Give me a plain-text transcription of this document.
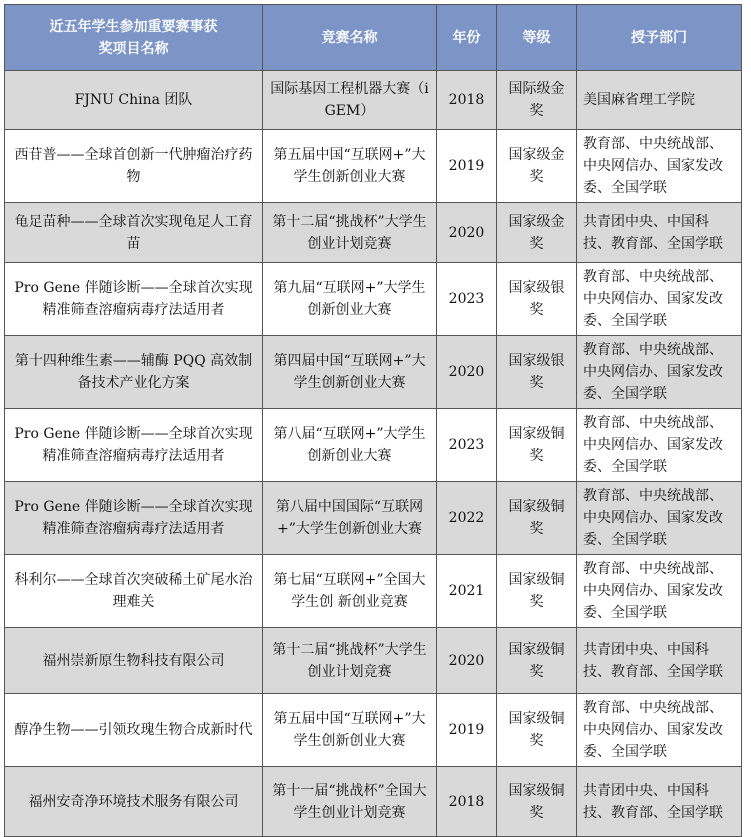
近五年学生参加重要赛事获奖项目名称	竞赛名称	年份	等级	授予部门
FJNU China 团队	国际基因工程机器大赛（i GEM）	2018	国际级金奖	美国麻省理工学院
西苷普——全球首创新一代肿瘤治疗药物	第五届中国“互联网+”大学生创新创业大赛	2019	国家级金奖	教育部、中央统战部、中央网信办、国家发改委、全国学联
龟足苗种——全球首次实现龟足人工育苗	第十二届“挑战杯”大学生创业计划竞赛	2020	国家级金奖	共青团中央、中国科技、教育部、全国学联
Pro Gene 伴随诊断——全球首次实现精准筛查溶瘤病毒疗法适用者	第九届“互联网+”大学生创新创业大赛	2023	国家级银奖	教育部、中央统战部、中央网信办、国家发改委、全国学联
第十四种维生素——辅酶 PQQ 高效制备技术产业化方案	第四届中国“互联网+”大学生创新创业大赛	2020	国家级银奖	教育部、中央统战部、中央网信办、国家发改委、全国学联
Pro Gene 伴随诊断——全球首次实现精准筛查溶瘤病毒疗法适用者	第八届“互联网+”大学生创新创业大赛	2023	国家级铜奖	教育部、中央统战部、中央网信办、国家发改委、全国学联
Pro Gene 伴随诊断——全球首次实现精准筛查溶瘤病毒疗法适用者	第八届中国国际“互联网+”大学生创新创业大赛	2022	国家级铜奖	教育部、中央统战部、中央网信办、国家发改委、全国学联
科利尔——全球首次突破稀土矿尾水治理难关	第七届“互联网+”全国大学生创 新创业竞赛	2021	国家级铜奖	教育部、中央统战部、中央网信办、国家发改委、全国学联
福州崇新原生物科技有限公司	第十二届“挑战杯”大学生创业计划竞赛	2020	国家级铜奖	共青团中央、中国科技、教育部、全国学联
醇净生物——引领玫瑰生物合成新时代	第五届中国“互联网+”大学生创新创业大赛	2019	国家级铜奖	教育部、中央统战部、中央网信办、国家发改委、全国学联
福州安奇净环境技术服务有限公司	第十一届“挑战杯”全国大学生创业计划竞赛	2018	国家级铜奖	共青团中央、中国科技、教育部、全国学联
